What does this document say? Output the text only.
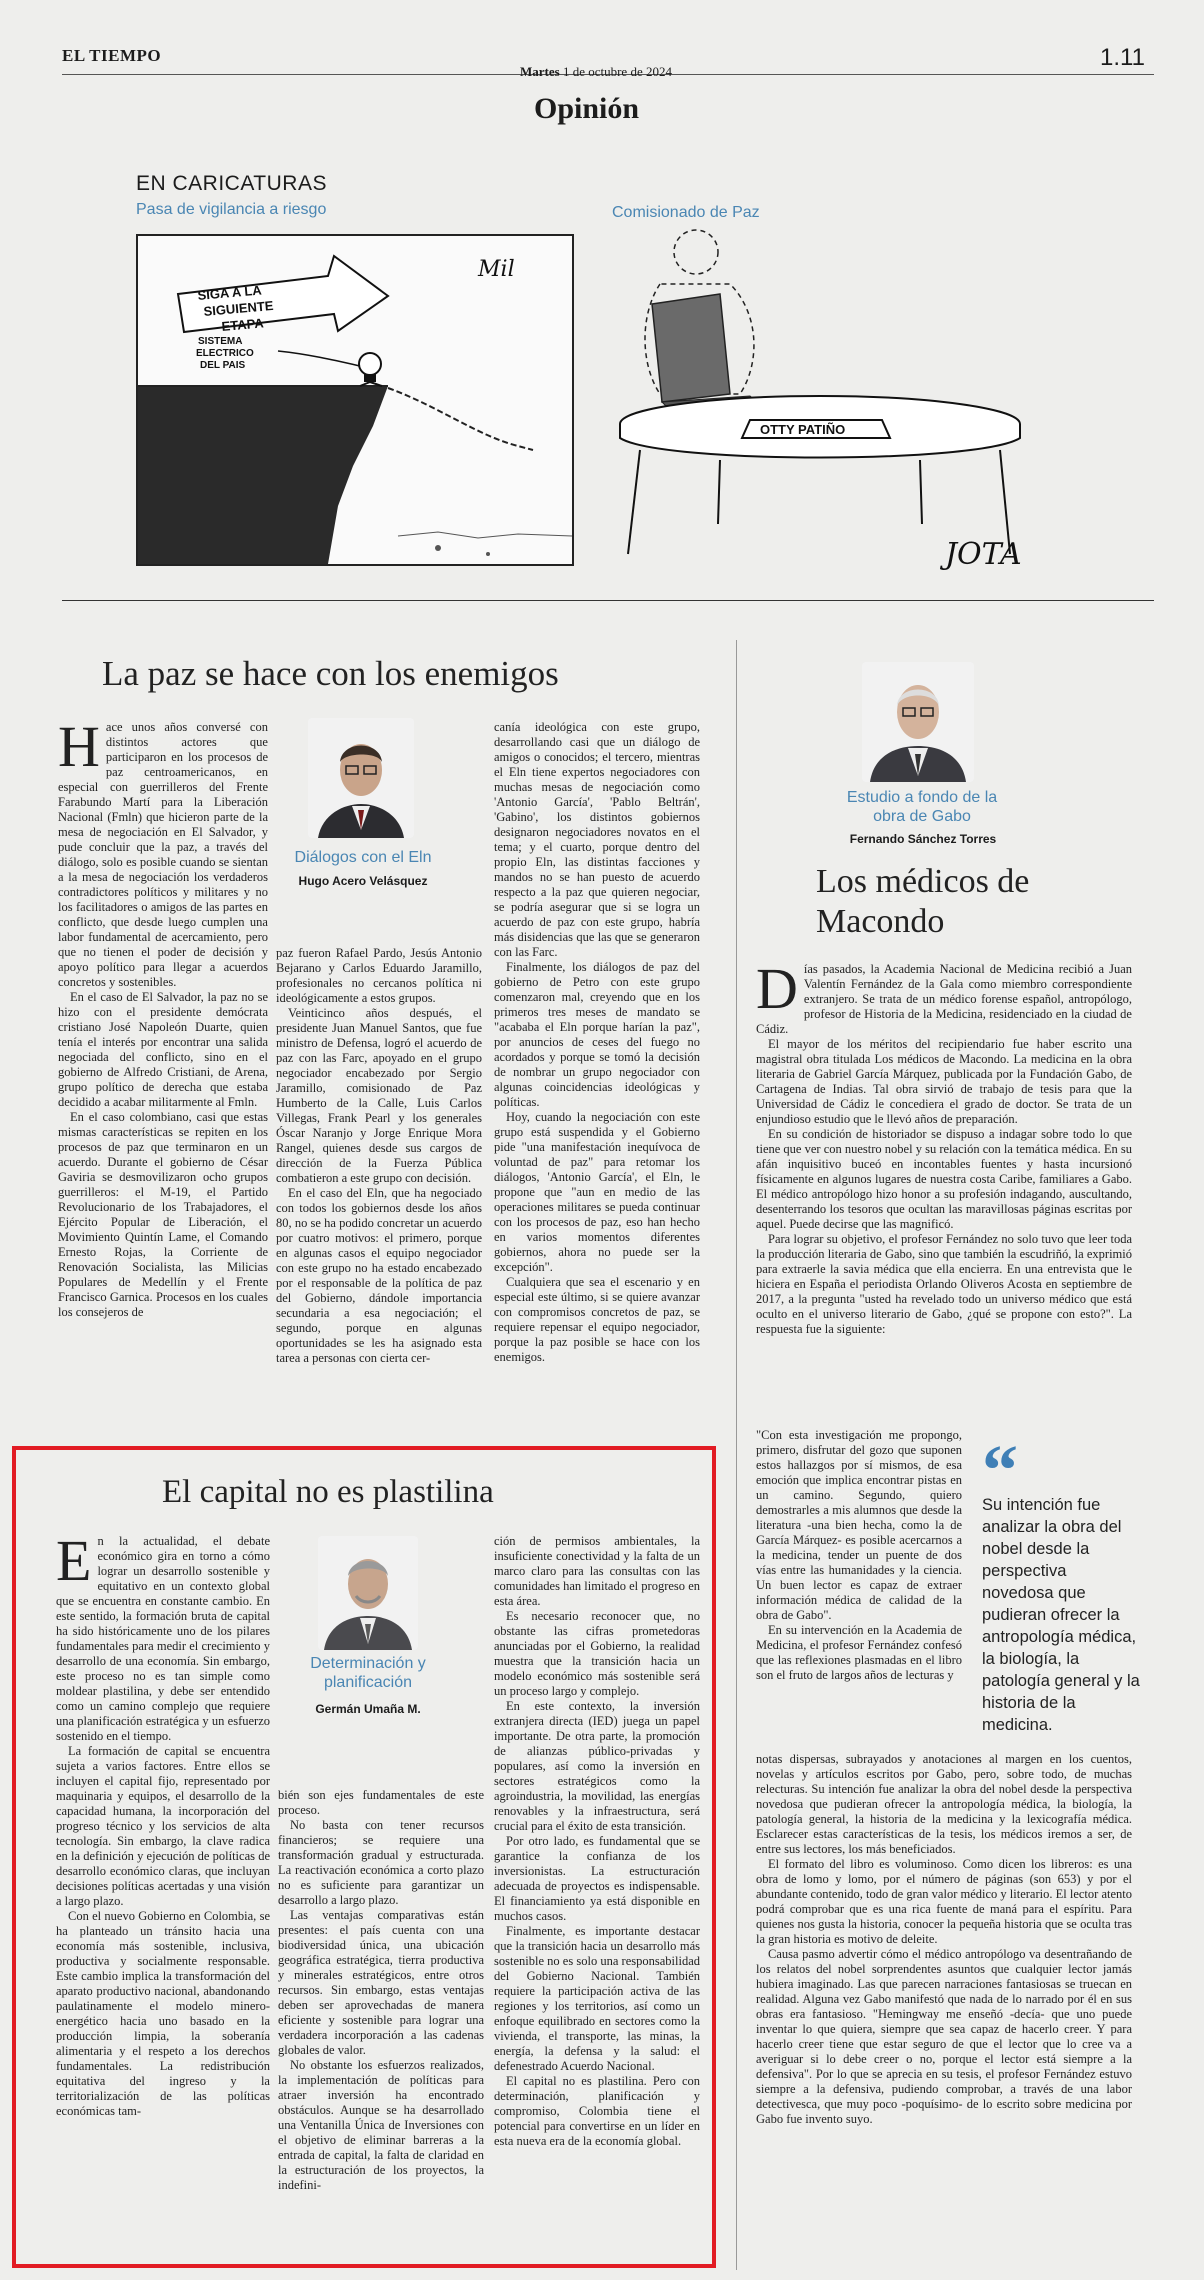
EL TIEMPO
Martes 1 de octubre de 2024
1.11
Opinión
EN CARICATURAS
Pasa de vigilancia a riesgo	Comisionado de Paz
SIGA A LA
SIGUIENTE
ETAPA
SISTEMA
ELECTRICO
DEL PAIS
Mil
OTTY PATIÑO
JOTA
La paz se hace con los enemigos
H ace unos años conversé con distintos actores que participaron en los procesos de paz centroamericanos, en especial con guerrilleros del Frente Farabundo Martí para la Liberación Nacional (Fmln) que hicieron parte de la mesa de negociación en El Salvador, y pude concluir que la paz, a través del diálogo, solo es posible cuando se sientan a la mesa de negociación los verdaderos contradictores políticos y militares y no los facilitadores o amigos de las partes en conflicto, que desde luego cumplen una labor fundamental de acercamiento, pero que no tienen el poder de decisión y apoyo político para llegar a acuerdos concretos y sostenibles.

En el caso de El Salvador, la paz no se hizo con el presidente demócrata cristiano José Napoleón Duarte, quien tenía el interés por encontrar una salida negociada del conflicto, sino en el gobierno de Alfredo Cristiani, de Arena, grupo político de derecha que estaba decidido a acabar militarmente al Fmln.

En el caso colombiano, casi que estas mismas características se repiten en los procesos de paz que terminaron en un acuerdo. Durante el gobierno de César Gaviria se desmovilizaron ocho grupos guerrilleros: el M-19, el Partido Revolucionario de los Trabajadores, el Ejército Popular de Liberación, el Movimiento Quintín Lame, el Comando Ernesto Rojas, la Corriente de Renovación Socialista, las Milicias Populares de Medellín y el Frente Francisco Garnica. Procesos en los cuales los consejeros de

Diálogos con el Eln
Hugo Acero Velásquez

paz fueron Rafael Pardo, Jesús Antonio Bejarano y Carlos Eduardo Jaramillo, profesionales no cercanos política ni ideológicamente a estos grupos.

Veinticinco años después, el presidente Juan Manuel Santos, que fue ministro de Defensa, logró el acuerdo de paz con las Farc, apoyado en el grupo negociador encabezado por Sergio Jaramillo, comisionado de Paz Humberto de la Calle, Luis Carlos Villegas, Frank Pearl y los generales Óscar Naranjo y Jorge Enrique Mora Rangel, quienes desde sus cargos de dirección de la Fuerza Pública combatieron a este grupo con decisión.

En el caso del Eln, que ha negociado con todos los gobiernos desde los años 80, no se ha podido concretar un acuerdo por cuatro motivos: el primero, porque en algunas casos el equipo negociador con este grupo no ha estado encabezado por el responsable de la política de paz del Gobierno, dándole importancia secundaria a esa negociación; el segundo, porque en algunas oportunidades se les ha asignado esta tarea a personas con cierta cer-

canía ideológica con este grupo, desarrollando casi que un diálogo de amigos o conocidos; el tercero, mientras el Eln tiene expertos negociadores con muchas mesas de negociación como 'Antonio García', 'Pablo Beltrán', 'Gabino', los distintos gobiernos designaron negociadores novatos en el tema; y el cuarto, porque dentro del propio Eln, las distintas facciones y mandos no se han puesto de acuerdo respecto a la paz que quieren negociar, se podría asegurar que si se logra un acuerdo de paz con este grupo, habría más disidencias que las que se generaron con las Farc.

Finalmente, los diálogos de paz del gobierno de Petro con este grupo comenzaron mal, creyendo que en los primeros tres meses de mandato se "acababa el Eln porque harían la paz", por anuncios de ceses del fuego no acordados y porque se tomó la decisión de nombrar un grupo negociador con algunas coincidencias ideológicas y políticas.

Hoy, cuando la negociación con este grupo está suspendida y el Gobierno pide "una manifestación inequívoca de voluntad de paz" para retomar los diálogos, 'Antonio García', el Eln, le propone que "aun en medio de las operaciones militares se pueda continuar con los procesos de paz, eso han hecho en varios momentos diferentes gobiernos, ahora no puede ser la excepción".

Cualquiera que sea el escenario y en especial este último, si se quiere avanzar con compromisos concretos de paz, se requiere repensar el equipo negociador, porque la paz posible se hace con los enemigos.

Estudio a fondo de la obra de Gabo
Fernando Sánchez Torres
Los médicos de Macondo
D ías pasados, la Academia Nacional de Medicina recibió a Juan Valentín Fernández de la Gala como miembro correspondiente extranjero. Se trata de un médico forense español, antropólogo, profesor de Historia de la Medicina, residenciado en la ciudad de Cádiz.

El mayor de los méritos del recipiendario fue haber escrito una magistral obra titulada Los médicos de Macondo. La medicina en la obra literaria de Gabriel García Márquez, publicada por la Fundación Gabo, de Cartagena de Indias. Tal obra sirvió de trabajo de tesis para que la Universidad de Cádiz le concediera el grado de doctor. Se trata de un enjundioso estudio que le llevó años de preparación.

En su condición de historiador se dispuso a indagar sobre todo lo que tiene que ver con nuestro nobel y su relación con la temática médica. En su afán inquisitivo buceó en incontables fuentes y hasta incursionó físicamente en algunos lugares de nuestra costa Caribe, familiares a Gabo. El médico antropólogo hizo honor a su profesión indagando, auscultando, desenterrando los tesoros que ocultan las maravillosas páginas escritas por aquel. Puede decirse que las magnificó.

Para lograr su objetivo, el profesor Fernández no solo tuvo que leer toda la producción literaria de Gabo, sino que también la escudriñó, la exprimió para extraerle la savia médica que ella encierra. En una entrevista que le hiciera en España el periodista Orlando Oliveros Acosta en septiembre de 2017, a la pregunta "usted ha revelado todo un universo médico que está oculto en el universo literario de Gabo, ¿qué se propone con esto?". La respuesta fue la siguiente:

"Con esta investigación me propongo, primero, disfrutar del gozo que suponen estos hallazgos por sí mismos, de esa emoción que implica encontrar pistas en un camino. Segundo, quiero demostrarles a mis alumnos que desde la literatura -una bien hecha, como la de García Márquez- es posible acercarnos a la medicina, tender un puente de dos vías entre las humanidades y la ciencia. Un buen lector es capaz de extraer información médica de calidad de la obra de Gabo".

En su intervención en la Academia de Medicina, el profesor Fernández confesó que las reflexiones plasmadas en el libro son el fruto de largos años de lecturas y

“
Su intención fue analizar la obra del nobel desde la perspectiva novedosa que pudieran ofrecer la antropología médica, la biología, la patología general y la historia de la medicina.

notas dispersas, subrayados y anotaciones al margen en los cuentos, novelas y artículos escritos por Gabo, pero, sobre todo, de muchas relecturas. Su intención fue analizar la obra del nobel desde la perspectiva novedosa que pudieran ofrecer la antropología médica, la biología, la patología general, la historia de la medicina y la lexicografía médica. Esclarecer estas características de la tesis, los médicos iremos a ser, de entre sus lectores, los más beneficiados.

El formato del libro es voluminoso. Como dicen los libreros: es una obra de lomo y lomo, por el número de páginas (son 653) y por el abundante contenido, todo de gran valor médico y literario. El lector atento podrá comprobar que es una rica fuente de maná para el espíritu. Para quienes nos gusta la historia, conocer la pequeña historia que se oculta tras la gran historia es motivo de deleite.

Causa pasmo advertir cómo el médico antropólogo va desentrañando de los relatos del nobel sorprendentes asuntos que cualquier lector jamás hubiera imaginado. Las que parecen narraciones fantasiosas se truecan en realidad. Alguna vez Gabo manifestó que nada de lo narrado por él en sus obras era fantasioso. "Hemingway me enseñó -decía- que uno puede inventar lo que quiera, siempre que sea capaz de hacerlo creer. Y para hacerlo creer tiene que estar seguro de que el lector que lo cree va a averiguar si lo debe creer o no, porque el lector está siempre a la defensiva". Por lo que se aprecia en su tesis, el profesor Fernández estuvo siempre a la defensiva, pudiendo comprobar, a través de una labor detectivesca, que muy poco -poquísimo- de lo escrito sobre medicina por Gabo fue invento suyo.

El capital no es plastilina
E n la actualidad, el debate económico gira en torno a cómo lograr un desarrollo sostenible y equitativo en un contexto global que se encuentra en constante cambio. En este sentido, la formación bruta de capital ha sido históricamente uno de los pilares fundamentales para medir el crecimiento y desarrollo de una economía. Sin embargo, este proceso no es tan simple como moldear plastilina, y debe ser entendido como un camino complejo que requiere una planificación estratégica y un esfuerzo sostenido en el tiempo.

La formación de capital se encuentra sujeta a varios factores. Entre ellos se incluyen el capital fijo, representado por maquinaria y equipos, el desarrollo de la capacidad humana, la incorporación del progreso técnico y los servicios de alta tecnología. Sin embargo, la clave radica en la definición y ejecución de políticas de desarrollo económico claras, que incluyan decisiones políticas acertadas y una visión a largo plazo.

Con el nuevo Gobierno en Colombia, se ha planteado un tránsito hacia una economía más sostenible, inclusiva, productiva y socialmente responsable. Este cambio implica la transformación del aparato productivo nacional, abandonando paulatinamente el modelo minero-energético hacia uno basado en la producción limpia, la soberanía alimentaria y el respeto a los derechos fundamentales. La redistribución equitativa del ingreso y la territorialización de las políticas económicas tam-

Determinación y planificación
Germán Umaña M.

bién son ejes fundamentales de este proceso.

No basta con tener recursos financieros; se requiere una transformación gradual y estructurada. La reactivación económica a corto plazo no es suficiente para garantizar un desarrollo a largo plazo.

Las ventajas comparativas están presentes: el país cuenta con una biodiversidad única, una ubicación geográfica estratégica, tierra productiva y minerales estratégicos, entre otros recursos. Sin embargo, estas ventajas deben ser aprovechadas de manera eficiente y sostenible para lograr una verdadera incorporación a las cadenas globales de valor.

No obstante los esfuerzos realizados, la implementación de políticas para atraer inversión ha encontrado obstáculos. Aunque se ha desarrollado una Ventanilla Única de Inversiones con el objetivo de eliminar barreras a la entrada de capital, la falta de claridad en la estructuración de los proyectos, la indefini-

ción de permisos ambientales, la insuficiente conectividad y la falta de un marco claro para las consultas con las comunidades han limitado el progreso en esta área.

Es necesario reconocer que, no obstante las cifras prometedoras anunciadas por el Gobierno, la realidad muestra que la transición hacia un modelo económico más sostenible será un proceso largo y complejo.

En este contexto, la inversión extranjera directa (IED) juega un papel importante. De otra parte, la promoción de alianzas público-privadas y populares, así como la inversión en sectores estratégicos como la agroindustria, la movilidad, las energías renovables y la infraestructura, será crucial para el éxito de esta transición.

Por otro lado, es fundamental que se garantice la confianza de los inversionistas. La estructuración adecuada de proyectos es indispensable. El financiamiento ya está disponible en muchos casos.

Finalmente, es importante destacar que la transición hacia un desarrollo más sostenible no es solo una responsabilidad del Gobierno Nacional. También requiere la participación activa de las regiones y los territorios, así como un enfoque equilibrado en sectores como la vivienda, el transporte, las minas, la energía, la defensa y la salud: el defenestrado Acuerdo Nacional.

El capital no es plastilina. Pero con determinación, planificación y compromiso, Colombia tiene el potencial para convertirse en un líder en esta nueva era de la economía global.
